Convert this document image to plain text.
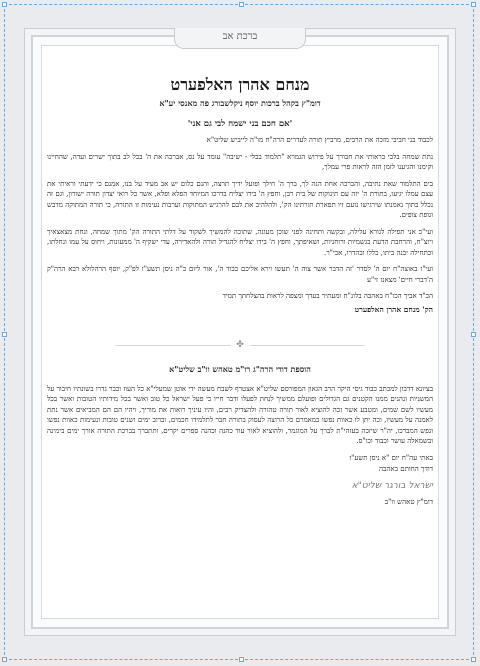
ברכת אב
מנחם אהרן האלפערט
דומ"ץ בקהל ברכות יוסף ניקלשבורג פה מאנסי יע"א
'אם חכם בני ישמח לבי גם אני'

לכבוד בני חביבי מזכה את הרבים, מרביץ תורה לעדרים הרה"ח מו"ה לייביש שליט"א

נתת שמחה בלבי בראותי את חבורך על פירוש הגמרא "תלמוד בבלי - ישיבה" עומד על נס, אברכה את ה' בכל לב בתוך ישרים ועדה, שהחיינו וקימנו והגיענו לזמן הזה לראות פרי עמלך,

בים התלמוד שאת נתיבה, והברכה אחת הנה לך, ברך ה' חילך ופועל ידיך תרצה, והנם כלום יש אב מעיד על בנו, אמנם כי ידעתי וראיתי את עצם עמלו יגיעו, בתורת ה' יזה עם תינוקות של בית רבן, וחפץ ה' בידו יצליח בדרכו המיוחד הפלא ופלא, אשר כל רואי יצדון תורה ישורון, וגם זה נכלל בתוך נאמנתו שירגישו נועם זיו תפארת תורתינו הק', ולהלהיב את לבם להרגיש המתוקות וערבות נעימות זו התורה, כי תורה המתוקה מדבש ונופת צופים.

ועי"כ אני תפילה לנורא עלילה, ובקשה ותחינה לפני שוכן מעונה, שתוכה להמשיך לשקוד על דלתי התורה הק' מתוך שמחה, ונחת מצאצאיך ויוצ"ח, והרחבת הדעת בגשמיות ורוחניות, ושאיפתך, וחפץ ה' בידו יצליח להגדיל תורה ולהאדירה, עדי ישקיף ה' ממעונות, ויחוס על עמו ונחלתו, וכתחילה יבנה ביתו, כללו ובהדרו, אכי"ר.

ועי"ז באוצה"ח יום ה' לסדר 'זה הדבר אשר צוה ה' תעשו וירא אליכם כבוד ה', אור ליום כ"ה ניסן תשע"ז לפ"ק, יוסף הרהלולא רבא הרה"ק ה'דברי חיים' מצאנז זי"ע

הכ"ד אביך הכו"ח באהבה בלונ"ח ומעתיר בעדך ומצפה לראות בהצלחתך תמיד

הק' מנחם אהרן האלפערט
✤
הוספת דודי הרה"ג רו"מ טאהש וו"ב שליט"א

בציונא דדבון למכתב כבוד גיסי היקר הרב הגאון המפורסם שליט"א אצטרף לשבח מעשה ידי אוטן שמעלי"א כל העוז וכבר גדרו בשונתיו חיבור על המשניות ונהנים ממנו הקטנים גם הגדולים ופועלם ממשיך לנחת לפעלו ודבר חייו כי פעל ישראל כל טוב ואשר בכל מידותיו הטובות ואשר בכל מעשיו לשם שמים, ומטבע אשר זכה להוציא לאור תורה טהורה ולהצדיק רבים, והיו עיניך רואות את מוריך, ויהיו הם הם המביאים אשר נתת לאמנה על מעשיו, וכה יתן לו כאוות נפשו כמאמרם כל הרוצה לעסוק בתורה חבר לתלמידו חכמים, וברוב ימים ושנים טובות ונעימות כאוות נפשו ונפש המברכו, יה"ר שיזכה בעזהי"ת לברך על המוגמר, ולהוציא לאור עוד כהנה וכהנה ספרים יקרים, ותתברך בברכת התורה אורך ימים בימינה ובשמאלה עושר וכבוד וכו"ס.

באתי עה"ח יום "א ניסן תשע"ז
דודך החותם באהבה
ישראל בורגר שליט"א
דומ"ץ טאהש וו"ב
